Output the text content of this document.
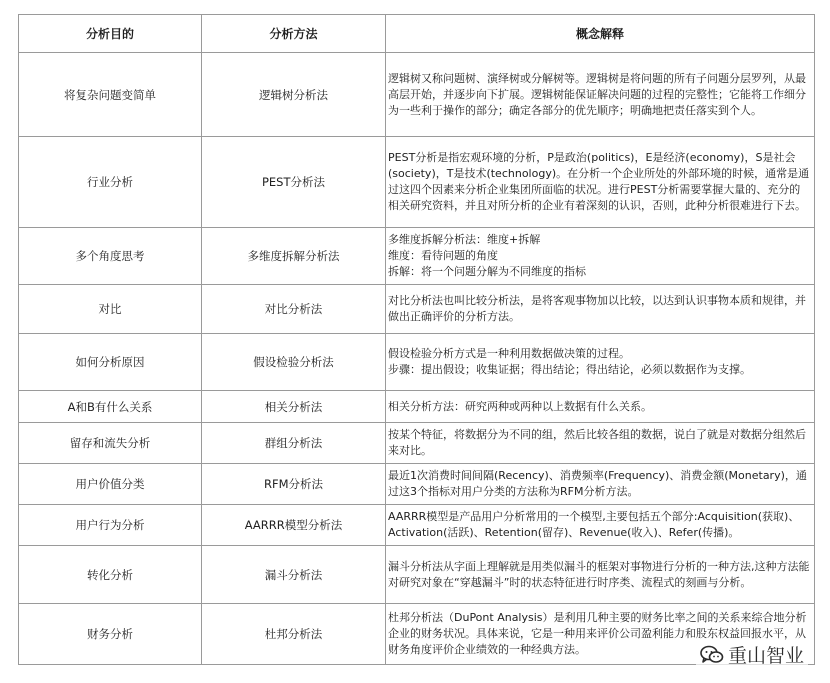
分析目的	分析方法	概念解释
将复杂问题变简单	逻辑树分析法	逻辑树又称问题树、演绎树或分解树等。逻辑树是将问题的所有子问题分层罗列，从最高层开始，并逐步向下扩展。逻辑树能保证解决问题的过程的完整性；它能将工作细分为一些利于操作的部分；确定各部分的优先顺序；明确地把责任落实到个人。

行业分析	PEST分析法	PEST分析是指宏观环境的分析，P是政治(politics)，E是经济(economy)，S是社会(society)，T是技术(technology)。在分析一个企业所处的外部环境的时候，通常是通过这四个因素来分析企业集团所面临的状况。进行PEST分析需要掌握大量的、充分的相关研究资料，并且对所分析的企业有着深刻的认识，否则，此种分析很难进行下去。

多个角度思考	多维度拆解分析法	多维度拆解分析法：维度+拆解
维度：看待问题的角度
拆解：将一个问题分解为不同维度的指标

对比	对比分析法	对比分析法也叫比较分析法，是将客观事物加以比较，以达到认识事物本质和规律，并做出正确评价的分析方法。

如何分析原因	假设检验分析法	假设检验分析方式是一种利用数据做决策的过程。
步骤：提出假设；收集证据；得出结论；得出结论，必须以数据作为支撑。

A和B有什么关系	相关分析法	相关分析方法：研究两种或两种以上数据有什么关系。

留存和流失分析	群组分析法	按某个特征，将数据分为不同的组，然后比较各组的数据，说白了就是对数据分组然后来对比。

用户价值分类	RFM分析法	最近1次消费时间间隔(Recency)、消费频率(Frequency)、消费金额(Monetary)，通过这3个指标对用户分类的方法称为RFM分析方法。

用户行为分析	AARRR模型分析法	AARRR模型是产品用户分析常用的一个模型,主要包括五个部分:Acquisition(获取)、Activation(活跃)、Retention(留存)、Revenue(收入)、Refer(传播)。

转化分析	漏斗分析法	漏斗分析法从字面上理解就是用类似漏斗的框架对事物进行分析的一种方法,这种方法能对研究对象在“穿越漏斗”时的状态特征进行时序类、流程式的刻画与分析。

财务分析	杜邦分析法	杜邦分析法（DuPont Analysis）是利用几种主要的财务比率之间的关系来综合地分析企业的财务状况。具体来说，它是一种用来评价公司盈利能力和股东权益回报水平，从财务角度评价企业绩效的一种经典方法。	重山智业
